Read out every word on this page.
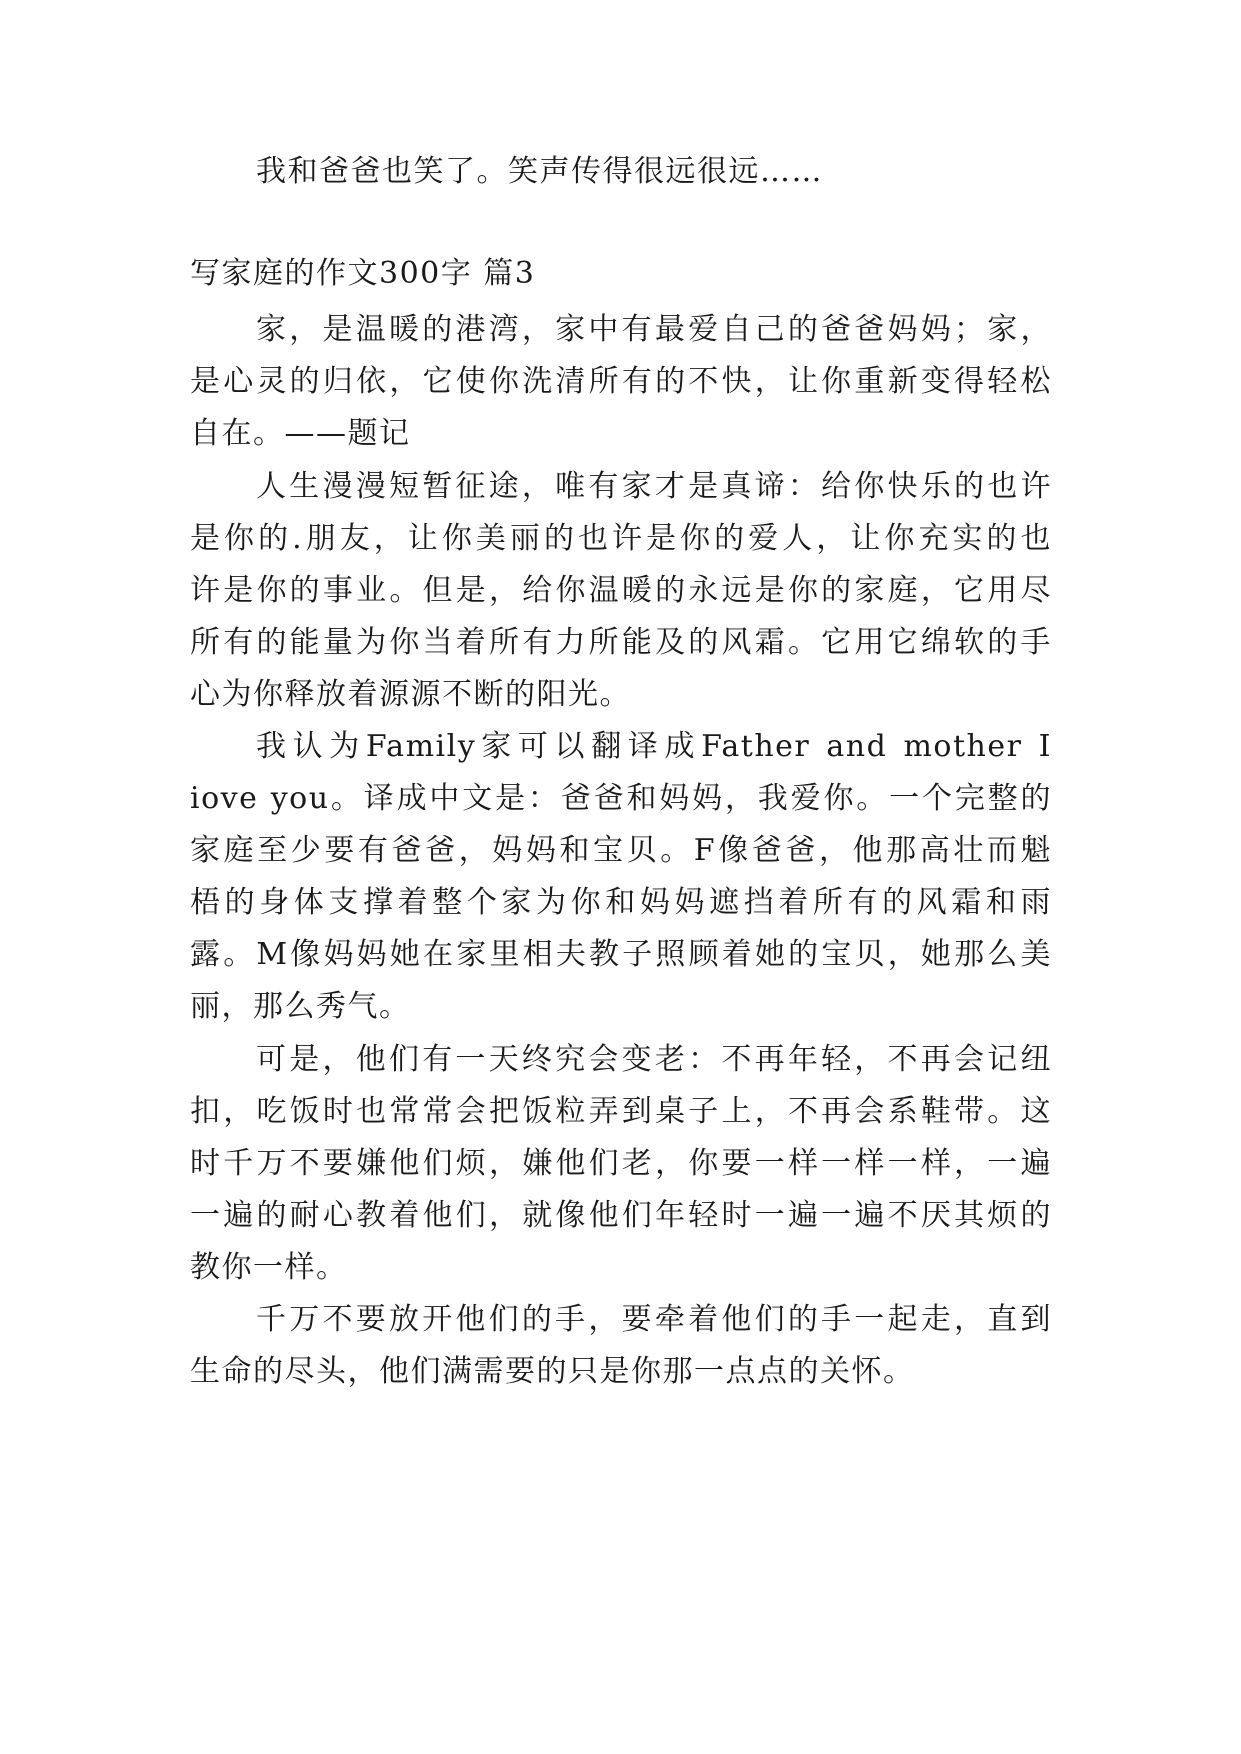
我和爸爸也笑了。笑声传得很远很远……
写家庭的作文300字 篇3
家，是温暖的港湾，家中有最爱自己的爸爸妈妈；家，
是心灵的归依，它使你洗清所有的不快，让你重新变得轻松
自在。——题记
人生漫漫短暂征途，唯有家才是真谛：给你快乐的也许
是你的.朋友，让你美丽的也许是你的爱人，让你充实的也
许是你的事业。但是，给你温暖的永远是你的家庭，它用尽
所有的能量为你当着所有力所能及的风霜。它用它绵软的手
心为你释放着源源不断的阳光。
我认为Family家可以翻译成Father and mother I
iove you。译成中文是：爸爸和妈妈，我爱你。一个完整的
家庭至少要有爸爸，妈妈和宝贝。F像爸爸，他那高壮而魁
梧的身体支撑着整个家为你和妈妈遮挡着所有的风霜和雨
露。M像妈妈她在家里相夫教子照顾着她的宝贝，她那么美
丽，那么秀气。
可是，他们有一天终究会变老：不再年轻，不再会记纽
扣，吃饭时也常常会把饭粒弄到桌子上，不再会系鞋带。这
时千万不要嫌他们烦，嫌他们老，你要一样一样一样，一遍
一遍的耐心教着他们，就像他们年轻时一遍一遍不厌其烦的
教你一样。
千万不要放开他们的手，要牵着他们的手一起走，直到
生命的尽头，他们满需要的只是你那一点点的关怀。
